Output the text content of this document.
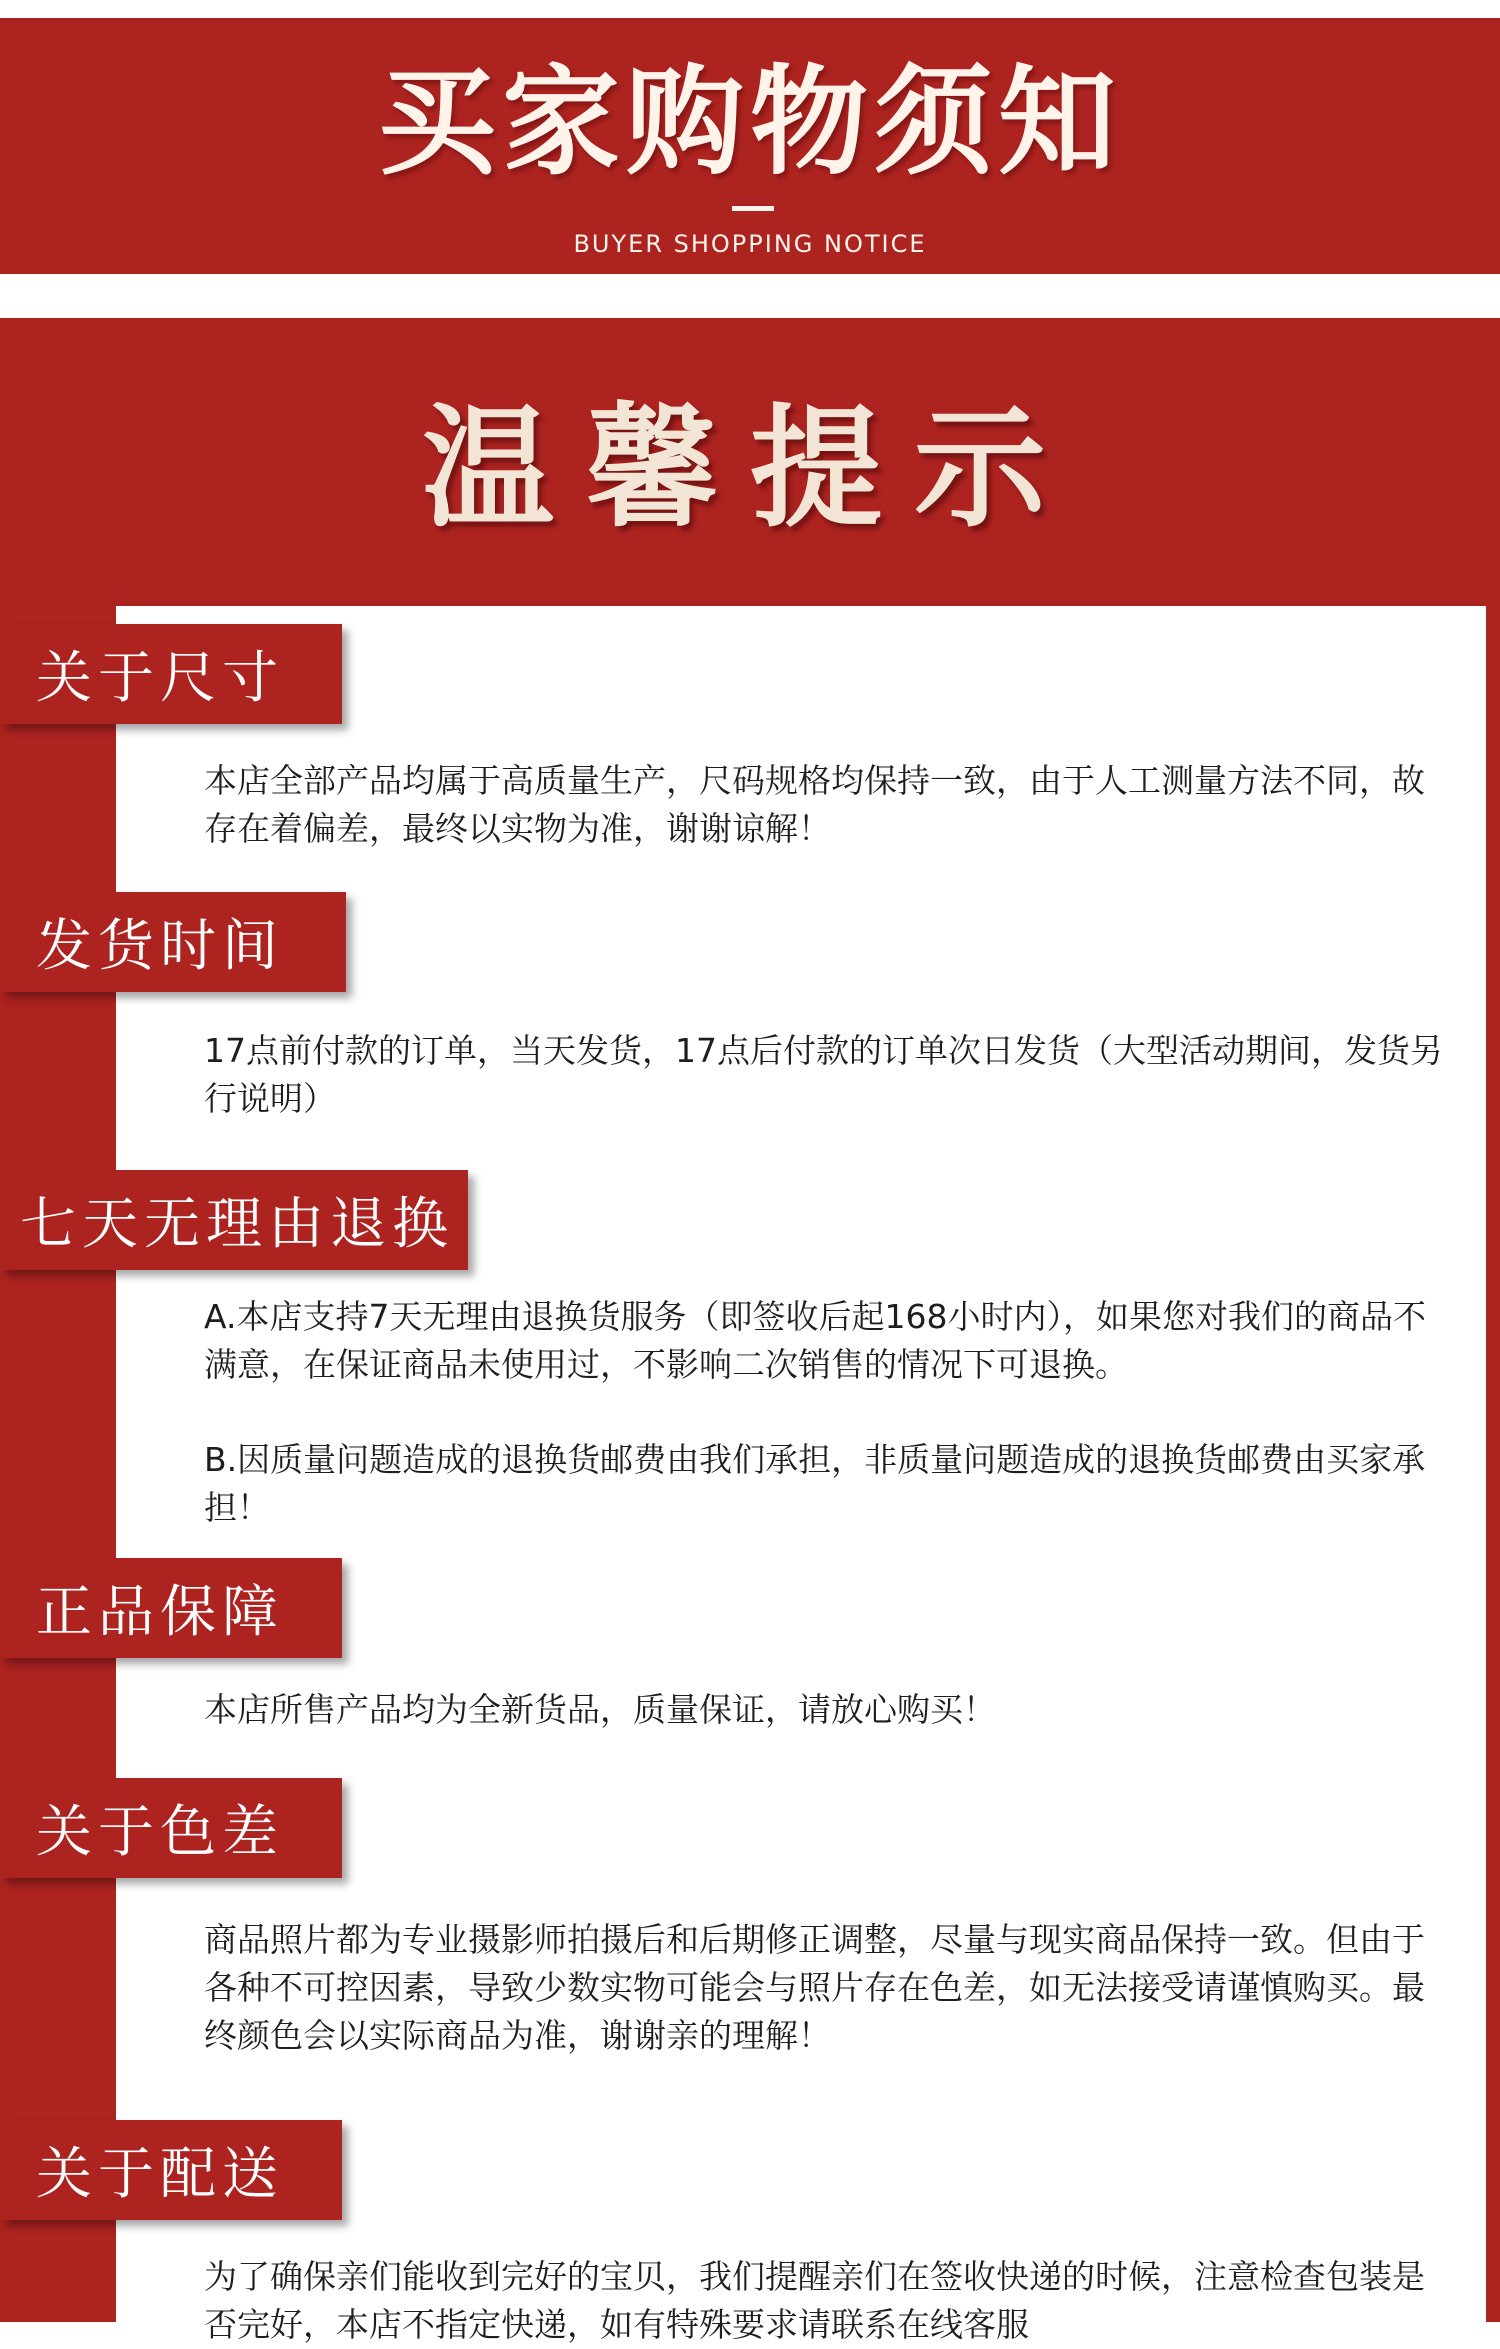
买家购物须知
BUYER SHOPPING NOTICE
温馨提示
关于尺寸

本店全部产品均属于高质量生产，尺码规格均保持一致，由于人工测量方法不同，故存在着偏差，最终以实物为准，谢谢谅解！

发货时间

17点前付款的订单，当天发货，17点后付款的订单次日发货（大型活动期间，发货另行说明）

七天无理由退换

A.本店支持7天无理由退换货服务（即签收后起168小时内），如果您对我们的商品不满意，在保证商品未使用过，不影响二次销售的情况下可退换。

B.因质量问题造成的退换货邮费由我们承担，非质量问题造成的退换货邮费由买家承担！

正品保障

本店所售产品均为全新货品，质量保证，请放心购买！

关于色差

商品照片都为专业摄影师拍摄后和后期修正调整，尽量与现实商品保持一致。但由于各种不可控因素，导致少数实物可能会与照片存在色差，如无法接受请谨慎购买。最终颜色会以实际商品为准，谢谢亲的理解！

关于配送

为了确保亲们能收到完好的宝贝，我们提醒亲们在签收快递的时候，注意检查包装是否完好，本店不指定快递，如有特殊要求请联系在线客服
